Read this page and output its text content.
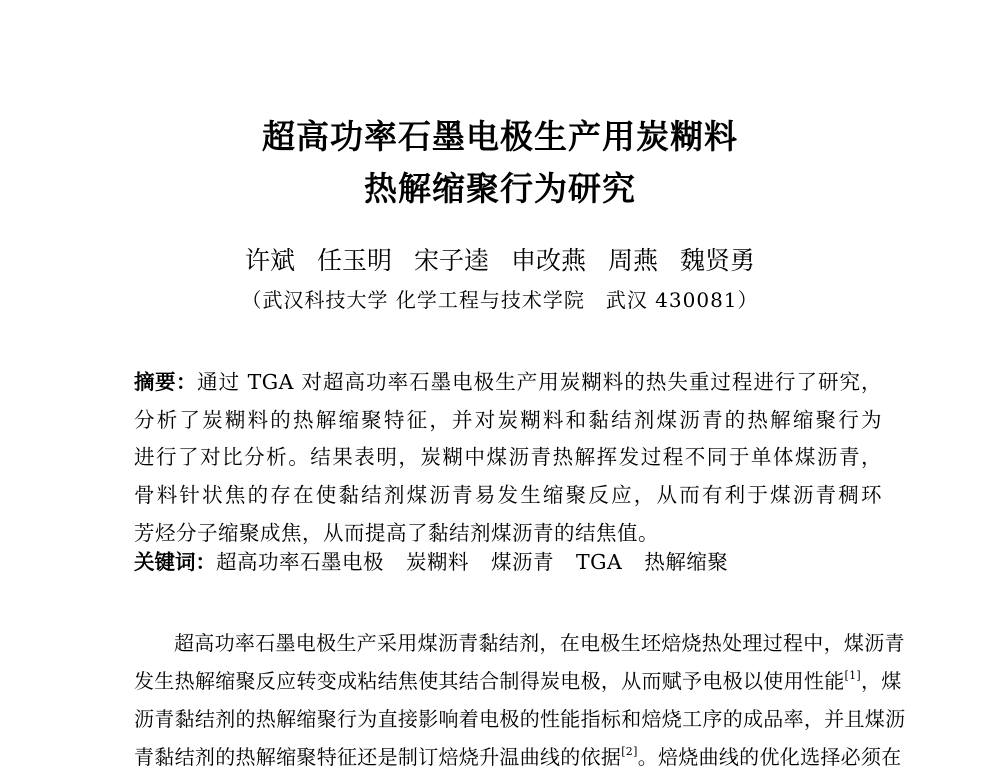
超高功率石墨电极生产用炭糊料
热解缩聚行为研究
许斌 任玉明 宋子逵 申改燕 周燕 魏贤勇
（武汉科技大学 化学工程与技术学院　武汉 430081）
摘要：通过 TGA 对超高功率石墨电极生产用炭糊料的热失重过程进行了研究，
分析了炭糊料的热解缩聚特征，并对炭糊料和黏结剂煤沥青的热解缩聚行为
进行了对比分析。结果表明，炭糊中煤沥青热解挥发过程不同于单体煤沥青，
骨料针状焦的存在使黏结剂煤沥青易发生缩聚反应，从而有利于煤沥青稠环
芳烃分子缩聚成焦，从而提高了黏结剂煤沥青的结焦值。
关键词：超高功率石墨电极 炭糊料 煤沥青 TGA 热解缩聚
超高功率石墨电极生产采用煤沥青黏结剂，在电极生坯焙烧热处理过程中，煤沥青
发生热解缩聚反应转变成粘结焦使其结合制得炭电极，从而赋予电极以使用性能[1]，煤
沥青黏结剂的热解缩聚行为直接影响着电极的性能指标和焙烧工序的成品率，并且煤沥
青黏结剂的热解缩聚特征还是制订焙烧升温曲线的依据[2]。焙烧曲线的优化选择必须在
